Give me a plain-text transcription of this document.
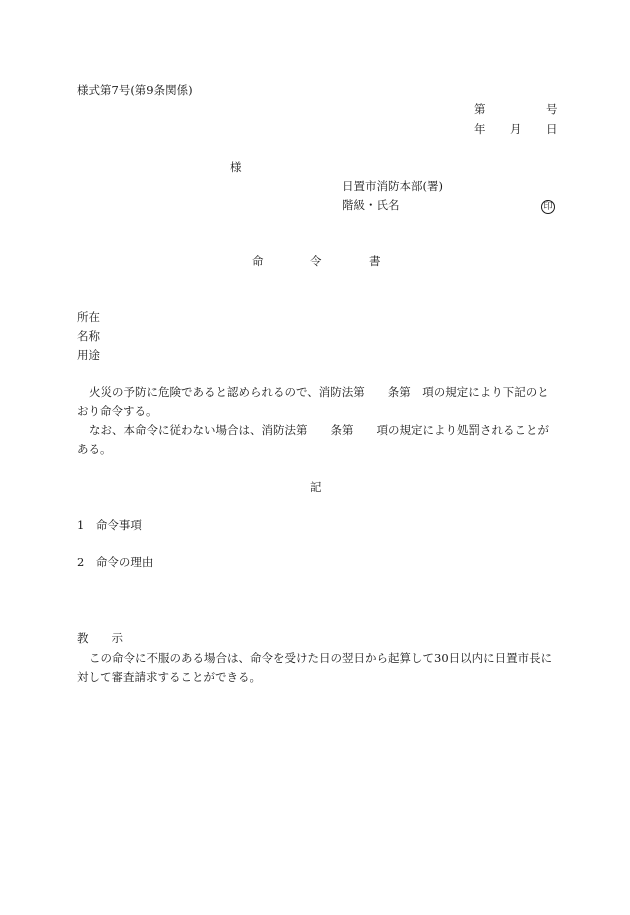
様式第7号(第9条関係)
第	号
年 月 日
様
日置市消防本部(署)
階級・氏名	印
命	令	書
所在
名称
用途
火災の予防に危険であると認められるので、消防法第　　条第　項の規定により下記のとおり命令する。
なお、本命令に従わない場合は、消防法第　　条第　　項の規定により処罰されることがある。
記
1　命令事項
2　命令の理由
教　　示
この命令に不服のある場合は、命令を受けた日の翌日から起算して30日以内に日置市長に対して審査請求することができる。
